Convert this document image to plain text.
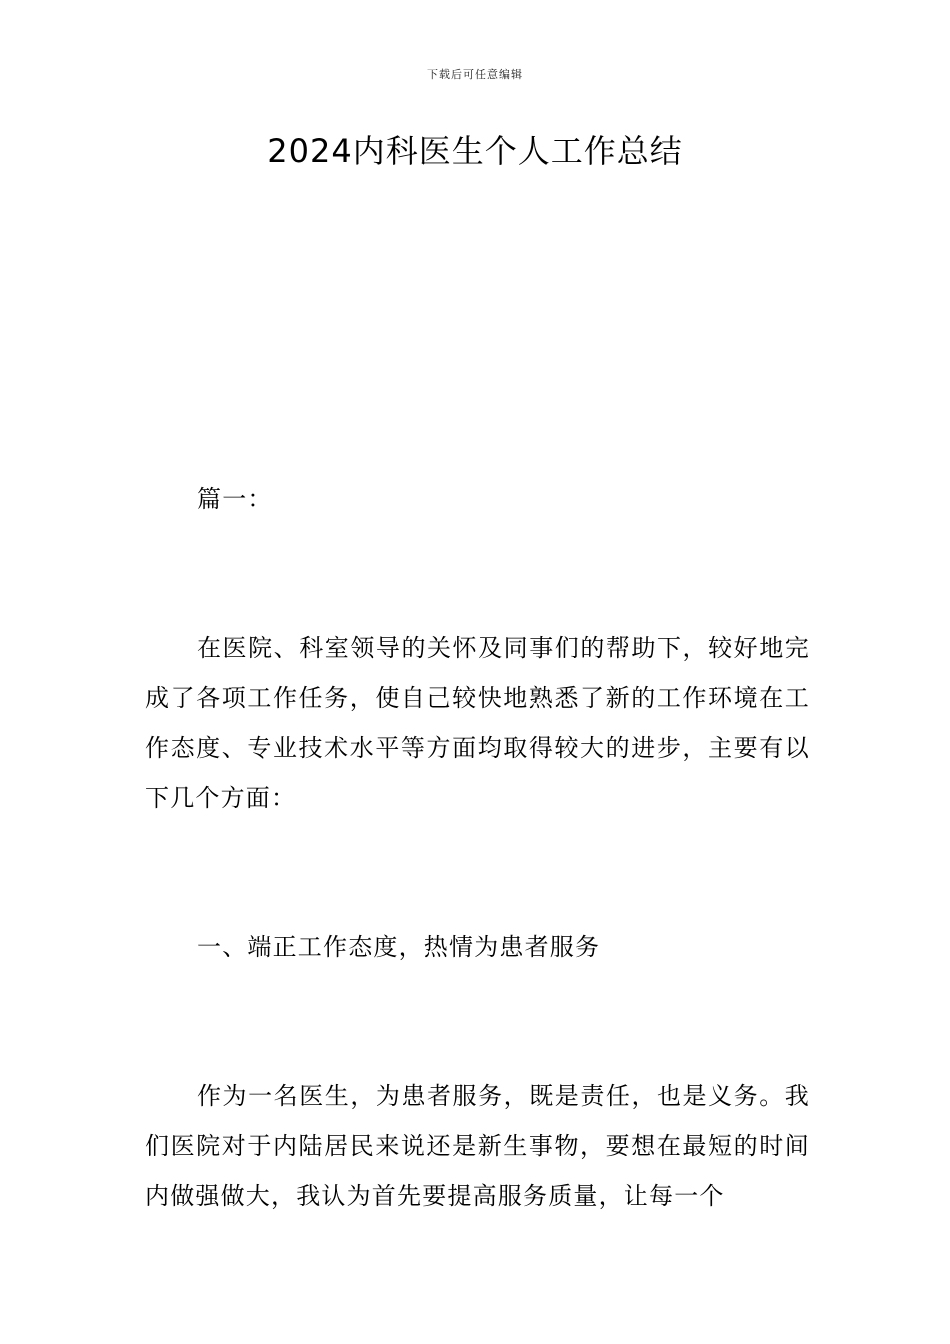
下载后可任意编辑
2024内科医生个人工作总结

篇一：

在医院、科室领导的关怀及同事们的帮助下，较好地完成了各项工作任务，使自己较快地熟悉了新的工作环境在工作态度、专业技术水平等方面均取得较大的进步，主要有以下几个方面：

一、端正工作态度，热情为患者服务

作为一名医生，为患者服务，既是责任，也是义务。我们医院对于内陆居民来说还是新生事物，要想在最短的时间内做强做大，我认为首先要提高服务质量，让每一个
